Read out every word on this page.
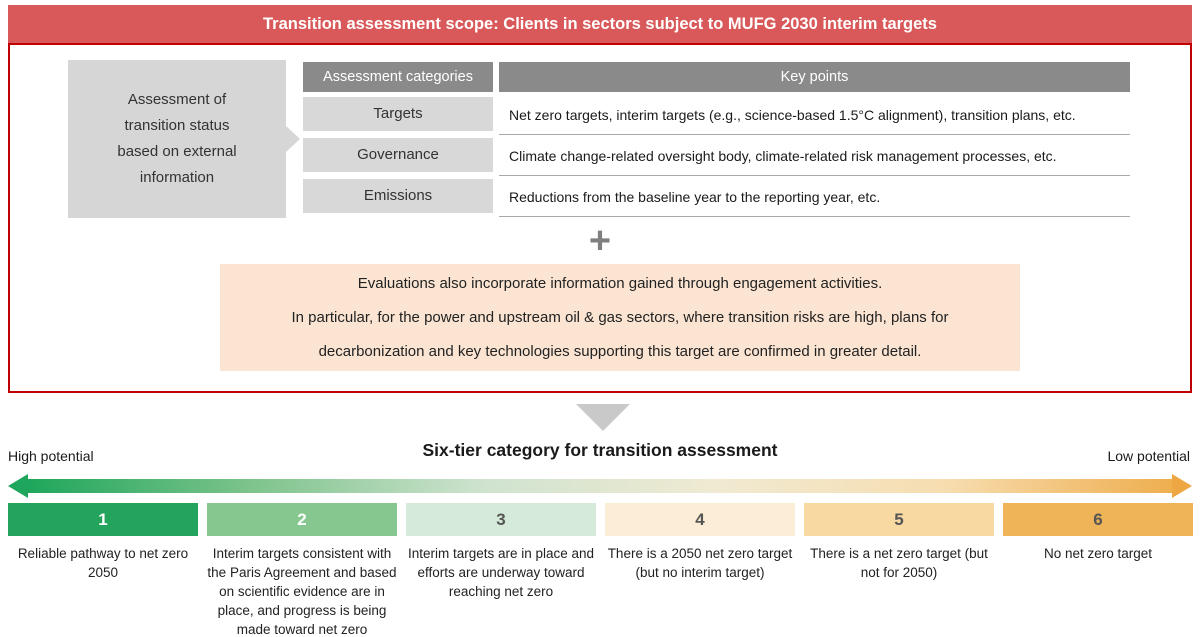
Transition assessment scope: Clients in sectors subject to MUFG 2030 interim targets
Assessment of
transition status
based on external
information
Assessment categories	Key points
Targets	Net zero targets, interim targets (e.g., science-based 1.5°C alignment), transition plans, etc.
Governance	Climate change-related oversight body, climate-related risk management processes, etc.
Emissions	Reductions from the baseline year to the reporting year, etc.
+
Evaluations also incorporate information gained through engagement activities.
In particular, for the power and upstream oil & gas sectors, where transition risks are high, plans for
decarbonization and key technologies supporting this target are confirmed in greater detail.
Six-tier category for transition assessment
High potential	Low potential
1	2	3	4	5	6
Reliable pathway to net zero 2050
Interim targets consistent with the Paris Agreement and based on scientific evidence are in place, and progress is being made toward net zero
Interim targets are in place and efforts are underway toward reaching net zero
There is a 2050 net zero target (but no interim target)
There is a net zero target (but not for 2050)
No net zero target
